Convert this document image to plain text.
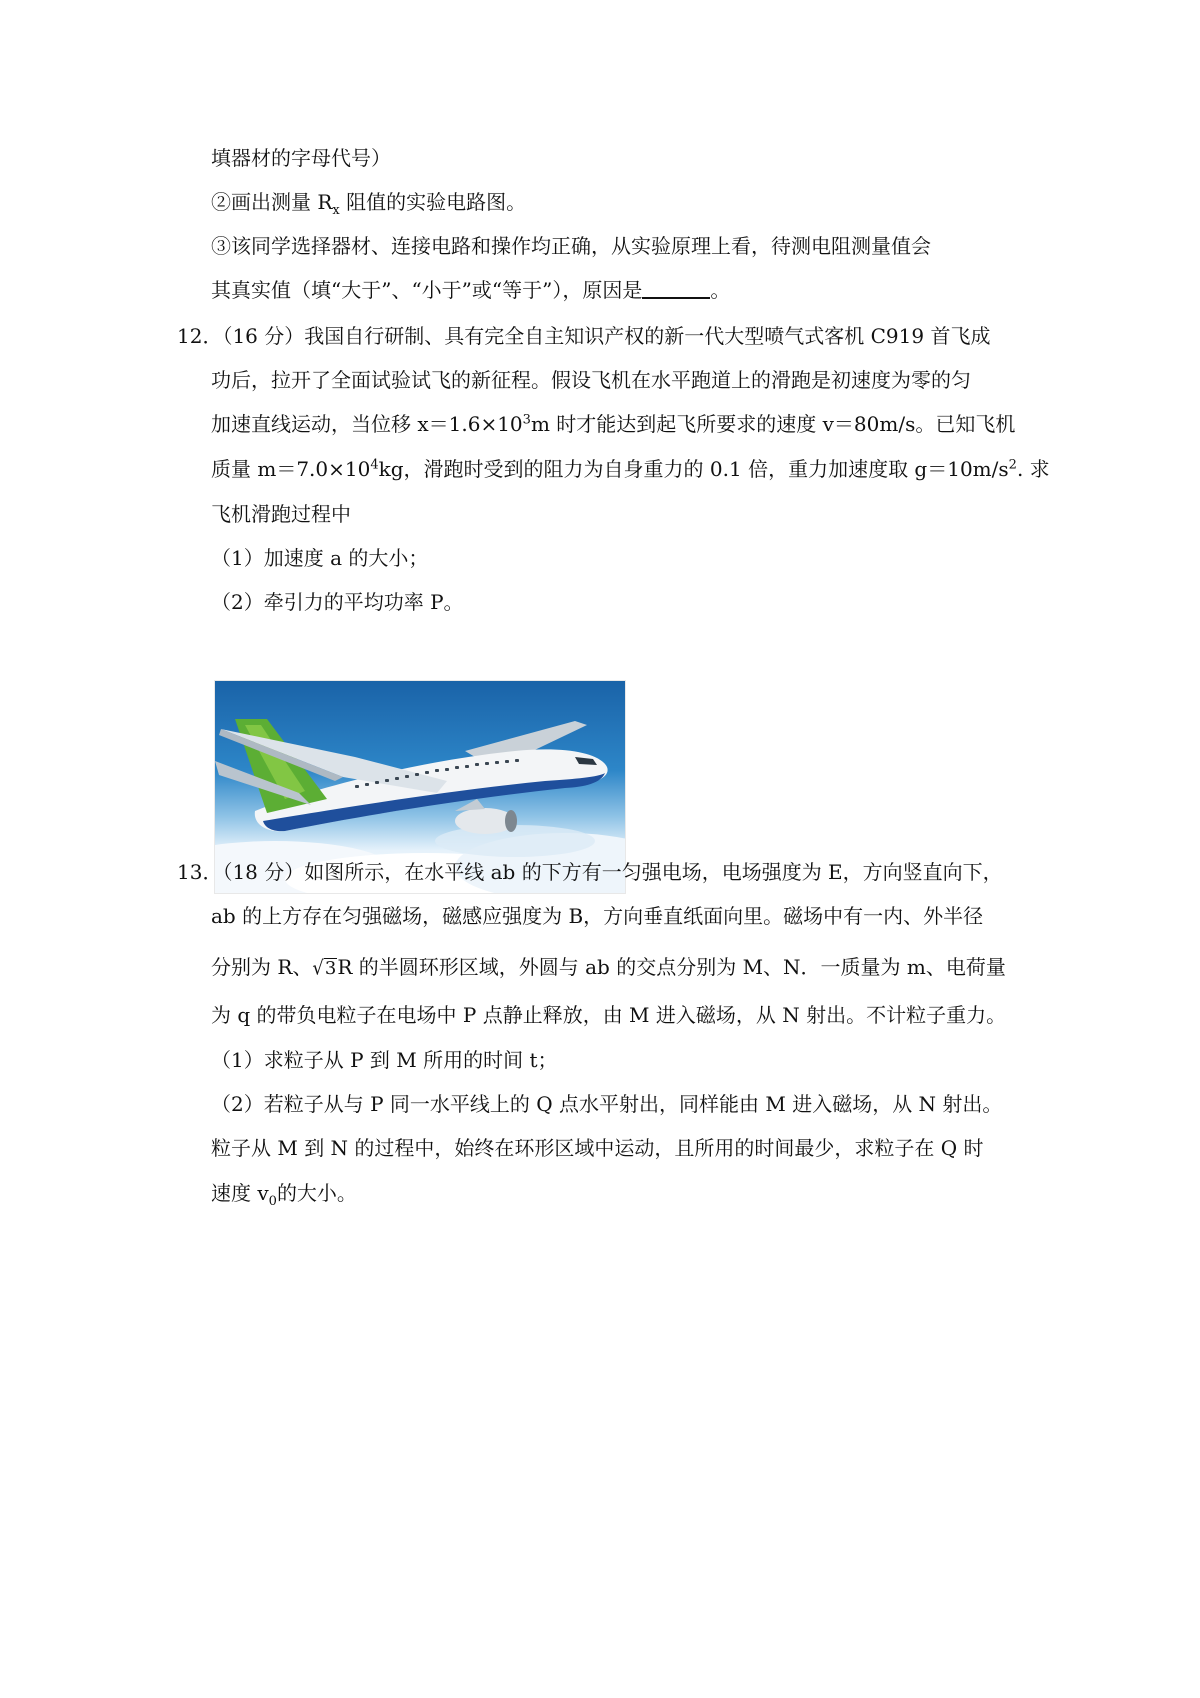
填器材的字母代号）
②画出测量 $R_x$ 阻值的实验电路图。
③该同学选择器材、连接电路和操作均正确，从实验原理上看，待测电阻测量值会
其真实值（填“大于”、“小于”或“等于”），原因是	。
12．（16 分）我国自行研制、具有完全自主知识产权的新一代大型喷气式客机 C919 首飞成
功后，拉开了全面试验试飞的新征程。假设飞机在水平跑道上的滑跑是初速度为零的匀
加速直线运动，当位移 $x=1.6\times 10^3m$ 时才能达到起飞所要求的速度 v＝80m/s。已知飞机
质量 $m=7.0\times 10^4kg$，滑跑时受到的阻力为自身重力的 0.1 倍，重力加速度取 $g=10m/s^2$. 求
飞机滑跑过程中
（1）加速度 a 的大小；
（2）牵引力的平均功率 P。
13．（18 分）如图所示，在水平线 ab 的下方有一匀强电场，电场强度为 E，方向竖直向下，
ab 的上方存在匀强磁场，磁感应强度为 B，方向垂直纸面向里。磁场中有一内、外半径
分别为 R、√3R 的半圆环形区域，外圆与 ab 的交点分别为 M、N．一质量为 m、电荷量
为 q 的带负电粒子在电场中 P 点静止释放，由 M 进入磁场，从 N 射出。不计粒子重力。
（1）求粒子从 P 到 M 所用的时间 t；
（2）若粒子从与 P 同一水平线上的 Q 点水平射出，同样能由 M 进入磁场，从 N 射出。
粒子从 M 到 N 的过程中，始终在环形区域中运动，且所用的时间最少，求粒子在 Q 时
速度 $v_0$的大小。
